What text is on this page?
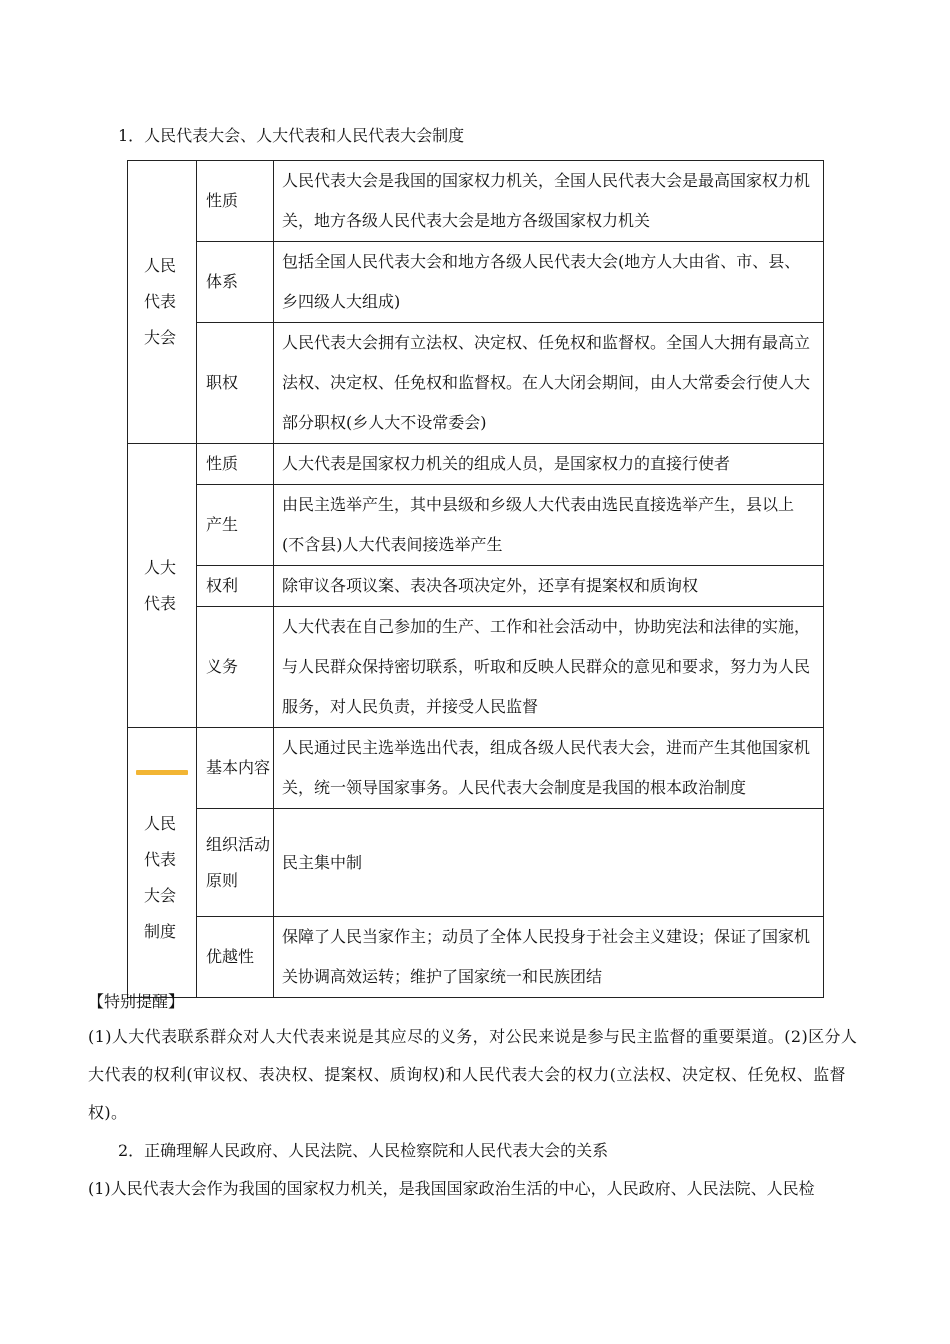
1．人民代表大会、人大代表和人民代表大会制度
人民代表大会	性质	人民代表大会是我国的国家权力机关，全国人民代表大会是最高国家权力机关，地方各级人民代表大会是地方各级国家权力机关
	体系	包括全国人民代表大会和地方各级人民代表大会(地方人大由省、市、县、乡四级人大组成)
	职权	人民代表大会拥有立法权、决定权、任免权和监督权。全国人大拥有最高立法权、决定权、任免权和监督权。在人大闭会期间，由人大常委会行使人大部分职权(乡人大不设常委会)
人大代表	性质	人大代表是国家权力机关的组成人员，是国家权力的直接行使者
	产生	由民主选举产生，其中县级和乡级人大代表由选民直接选举产生，县以上(不含县)人大代表间接选举产生
	权利	除审议各项议案、表决各项决定外，还享有提案权和质询权
	义务	人大代表在自己参加的生产、工作和社会活动中，协助宪法和法律的实施，与人民群众保持密切联系，听取和反映人民群众的意见和要求，努力为人民服务，对人民负责，并接受人民监督

人民代表大会制度	基本内容	人民通过民主选举选出代表，组成各级人民代表大会，进而产生其他国家机关，统一领导国家事务。人民代表大会制度是我国的根本政治制度
	组织活动原则	民主集中制
	优越性	保障了人民当家作主；动员了全体人民投身于社会主义建设；保证了国家机关协调高效运转；维护了国家统一和民族团结

【特别提醒】

(1)人大代表联系群众对人大代表来说是其应尽的义务，对公民来说是参与民主监督的重要渠道。(2)区分人大代表的权利(审议权、表决权、提案权、质询权)和人民代表大会的权力(立法权、决定权、任免权、监督权)。

2．正确理解人民政府、人民法院、人民检察院和人民代表大会的关系

(1)人民代表大会作为我国的国家权力机关，是我国国家政治生活的中心，人民政府、人民法院、人民检
